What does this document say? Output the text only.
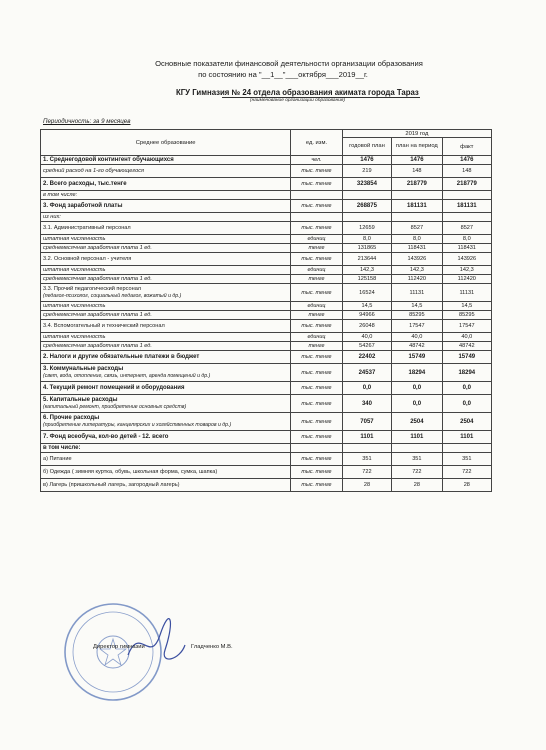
Основные показатели финансовой деятельности организации образования
по состоянию на "__1__"___октября___2019__г.
КГУ Гимназия № 24 отдела образования акимата города Тараз
(наименование организации образования)
Периодичность: за 9 месяцев
Среднее образование	ед. изм.	2019 год		
		годовой план	план на период	факт
1. Среднегодовой контингент обучающихся	чел.	1476	1476	1476
средний расход на 1-го обучающегося	тыс. тенге	219	148	148
2. Всего расходы, тыс.тенге	тыс. тенге	323854	218779	218779
в том числе:				
3. Фонд заработной платы	тыс. тенге	268875	181131	181131
из них:				
3.1. Административный персонал	тыс. тенге	12659	8527	8527
штатная численность	единиц	8,0	8,0	8,0
среднемесячная заработная плата 1 ед.	тенге	131865	118431	118431
3.2. Основной персонал - учителя	тыс. тенге	213644	143926	143926
штатная численность	единиц	142,3	142,3	142,3
среднемесячная заработная плата 1 ед.	тенге	125158	112420	112420
3.3. Прочий педагогический персонал
(педагог-психолог, социальный педагог, вожатый и др.)	тыс. тенге	16524	11131	11131
штатная численность	единиц	14,5	14,5	14,5
среднемесячная заработная плата 1 ед.	тенге	94966	85295	85295
3.4. Вспомогательный и технический персонал	тыс. тенге	26048	17547	17547
штатная численность	единиц	40,0	40,0	40,0
среднемесячная заработная плата 1 ед.	тенге	54267	48742	48742
2. Налоги и другие обязательные платежи в бюджет	тыс. тенге	22402	15749	15749
3. Коммунальные расходы
(свет, вода, отопление, связь, интернет, аренда помещений и др.)	тыс. тенге	24537	18294	18294
4. Текущий ремонт помещений и оборудования	тыс. тенге	0,0	0,0	0,0
5. Капитальные расходы
(капитальный ремонт, приобретение основных средств)	тыс. тенге	340	0,0	0,0
6. Прочие расходы
(приобретение литературы, канцелярских и хозяйственных товаров и др.)	тыс. тенге	7057	2504	2504
7. Фонд всеобуча, кол-во детей - 12. всего	тыс. тенге	1101	1101	1101
в том числе:				
а) Питание	тыс. тенге	351	351	351
б) Одежда ( зимняя куртка, обувь, школьная форма, сумка, шапка)	тыс. тенге	722	722	722
в) Лагерь (пришкольный лагерь, загородный лагерь)	тыс. тенге	28	28	28
Директор гимназии	Гладченко М.В.
